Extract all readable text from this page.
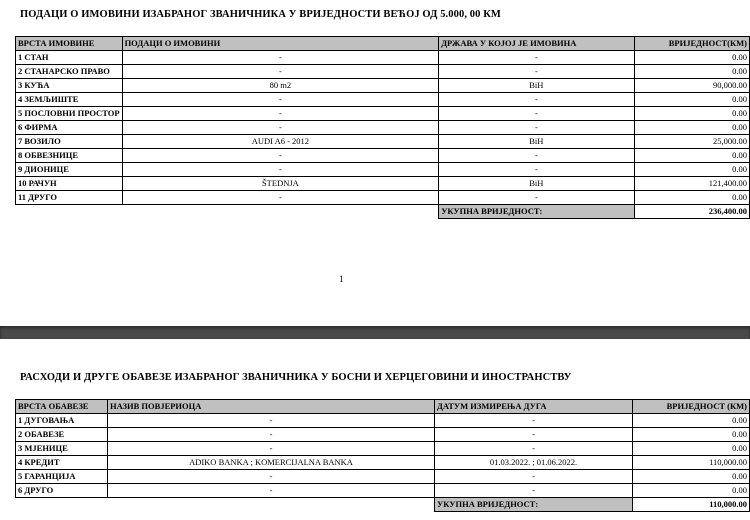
ПОДАЦИ О ИМОВИНИ ИЗАБРАНОГ ЗВАНИЧНИКА У ВРИЈЕДНОСТИ ВЕЋОЈ ОД 5.000, 00 КМ
ВРСТА ИМОВИНЕ	ПОДАЦИ О ИМОВИНИ	ДРЖАВА У КОЈОЈ ЈЕ ИМОВИНА	ВРИЈЕДНОСТ(КМ)
1 СТАН	-	-	0.00
2 СТАНАРСКО ПРАВО	-	-	0.00
3 КУЋА	80 m2	BiH	90,000.00
4 ЗЕМЉИШТЕ	-	-	0.00
5 ПОСЛОВНИ ПРОСТОР	-	-	0.00
6 ФИРМА	-	-	0.00
7 ВОЗИЛО	AUDI A6 - 2012	BiH	25,000.00
8 ОБВЕЗНИЦЕ	-	-	0.00
9 ДИОНИЦЕ	-	-	0.00
10 РАЧУН	ŠTEDNJA	BiH	121,400.00
11 ДРУГО	-	-	0.00
		УКУПНА ВРИЈЕДНОСТ:	236,400.00
1
РАСХОДИ И ДРУГЕ ОБАВЕЗЕ ИЗАБРАНОГ ЗВАНИЧНИКА У БОСНИ И ХЕРЦЕГОВИНИ И ИНОСТРАНСТВУ
ВРСТА ОБАВЕЗЕ	НАЗИВ ПОВЈЕРИОЦА	ДАТУМ ИЗМИРЕЊА ДУГА	ВРИЈЕДНОСТ (КМ)
1 ДУГОВАЊА	-	-	0.00
2 ОБАВЕЗЕ	-	-	0.00
3 МЈЕНИЦЕ	-	-	0.00
4 КРЕДИТ	ADIKO BANKA ; KOMERCIJALNA BANKA	01.03.2022. ; 01.06.2022.	110,000.00
5 ГАРАНЦИЈА	-	-	0.00
6 ДРУГО	-	-	0.00
		УКУПНА ВРИЈЕДНОСТ:	110,000.00
